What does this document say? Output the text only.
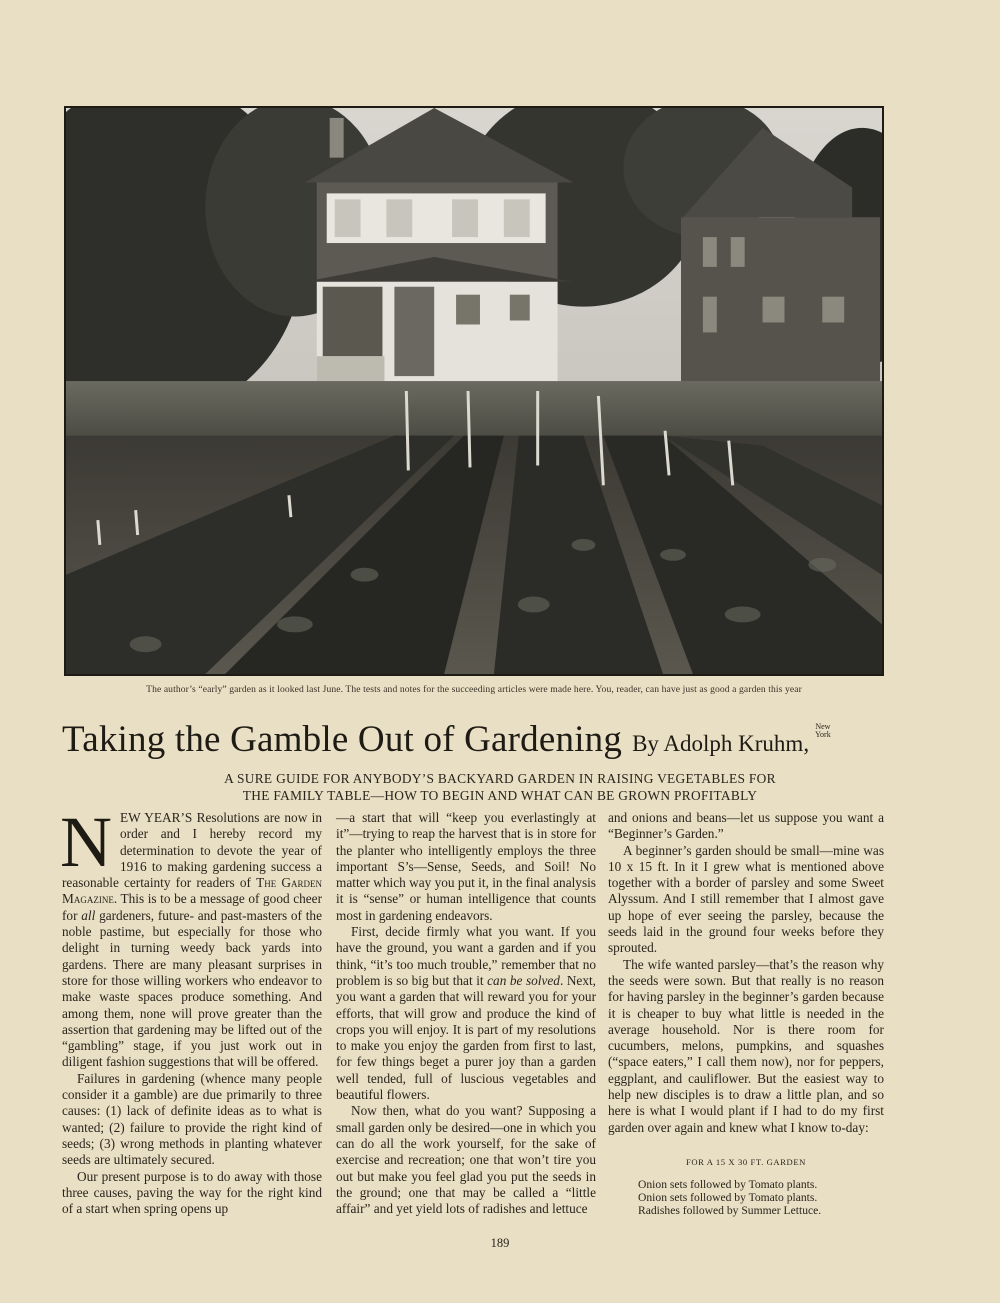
The author’s “early” garden as it looked last June. The tests and notes for the succeeding articles were made here. You, reader, can have just as good a garden this year
Taking the Gamble Out of Gardening By Adolph Kruhm, New
York
A SURE GUIDE FOR ANYBODY’S BACKYARD GARDEN IN RAISING VEGETABLES FOR
THE FAMILY TABLE—HOW TO BEGIN AND WHAT CAN BE GROWN PROFITABLY

NEW YEAR’S Resolutions are now in order and I hereby record my determination to devote the year of 1916 to making gardening success a reasonable certainty for readers of The Garden Magazine. This is to be a message of good cheer for all gardeners, future- and past-masters of the noble pastime, but especially for those who delight in turning weedy back yards into gardens. There are many pleasant surprises in store for those willing workers who endeavor to make waste spaces produce something. And among them, none will prove greater than the assertion that gardening may be lifted out of the “gambling” stage, if you just work out in diligent fashion suggestions that will be offered.

Failures in gardening (whence many people consider it a gamble) are due primarily to three causes: (1) lack of definite ideas as to what is wanted; (2) failure to provide the right kind of seeds; (3) wrong methods in planting whatever seeds are ultimately secured.

Our present purpose is to do away with those three causes, paving the way for the right kind of a start when spring opens up

—a start that will “keep you everlastingly at it”—trying to reap the harvest that is in store for the planter who intelligently employs the three important S’s—Sense, Seeds, and Soil! No matter which way you put it, in the final analysis it is “sense” or human intelligence that counts most in gardening endeavors.

First, decide firmly what you want. If you have the ground, you want a garden and if you think, “it’s too much trouble,” remember that no problem is so big but that it can be solved. Next, you want a garden that will reward you for your efforts, that will grow and produce the kind of crops you will enjoy. It is part of my resolutions to make you enjoy the garden from first to last, for few things beget a purer joy than a garden well tended, full of luscious vegetables and beautiful flowers.

Now then, what do you want? Supposing a small garden only be desired—one in which you can do all the work yourself, for the sake of exercise and recreation; one that won’t tire you out but make you feel glad you put the seeds in the ground; one that may be called a “little affair” and yet yield lots of radishes and lettuce

and onions and beans—let us suppose you want a “Beginner’s Garden.”

A beginner’s garden should be small—mine was 10 x 15 ft. In it I grew what is mentioned above together with a border of parsley and some Sweet Alyssum. And I still remember that I almost gave up hope of ever seeing the parsley, because the seeds laid in the ground four weeks before they sprouted.

The wife wanted parsley—that’s the reason why the seeds were sown. But that really is no reason for having parsley in the beginner’s garden because it is cheaper to buy what little is needed in the average household. Nor is there room for cucumbers, melons, pumpkins, and squashes (“space eaters,” I call them now), nor for peppers, eggplant, and cauliflower. But the easiest way to help new disciples is to draw a little plan, and so here is what I would plant if I had to do my first garden over again and knew what I know to-day:

FOR A 15 X 30 FT. GARDEN
Onion sets followed by Tomato plants.
Onion sets followed by Tomato plants.
Radishes followed by Summer Lettuce.
189
